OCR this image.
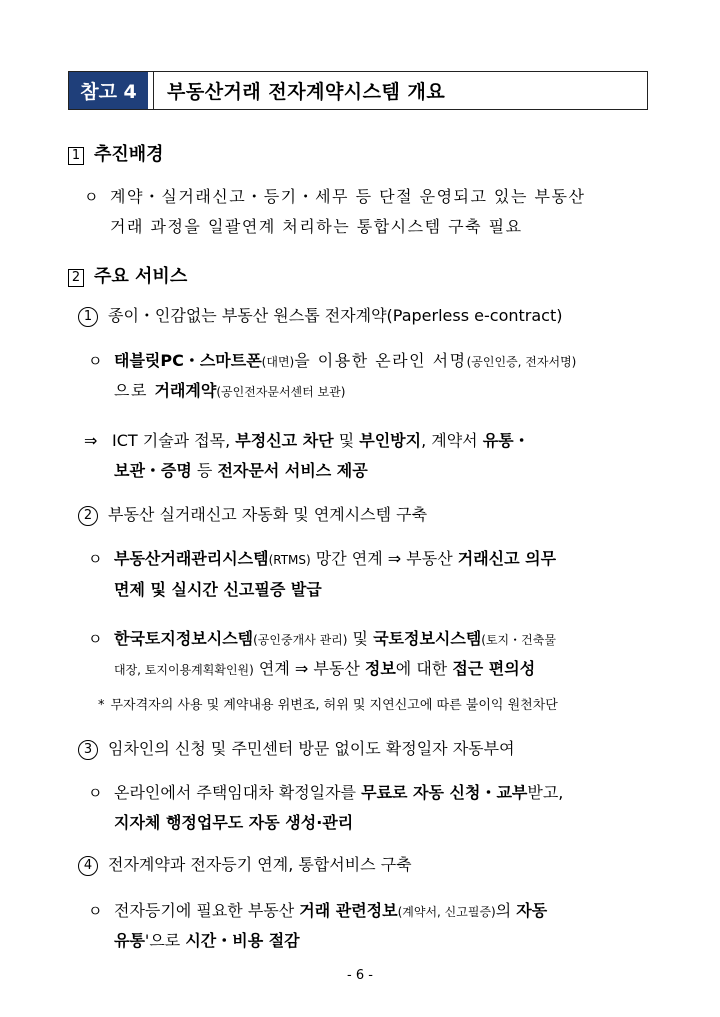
참고 4	부동산거래 전자계약시스템 개요
1 추진배경
ㅇ 계약・실거래신고・등기・세무 등 단절 운영되고 있는 부동산
거래 과정을 일괄연계 처리하는 통합시스템 구축 필요
2 주요 서비스
1 종이・인감없는 부동산 원스톱 전자계약(Paperless e-contract)
ㅇ 태블릿PC・스마트폰(대면)을 이용한 온라인 서명(공인인증, 전자서명)
으로 거래계약(공인전자문서센터 보관)
⇒ ICT 기술과 접목, 부정신고 차단 및 부인방지, 계약서 유통・
보관・증명 등 전자문서 서비스 제공
2 부동산 실거래신고 자동화 및 연계시스템 구축
ㅇ 부동산거래관리시스템(RTMS) 망간 연계 ⇒ 부동산 거래신고 의무
면제 및 실시간 신고필증 발급
ㅇ 한국토지정보시스템(공인중개사 관리) 및 국토정보시스템(토지・건축물
대장, 토지이용계획확인원) 연계 ⇒ 부동산 정보에 대한 접근 편의성
* 무자격자의 사용 및 계약내용 위변조, 허위 및 지연신고에 따른 불이익 원천차단
3 임차인의 신청 및 주민센터 방문 없이도 확정일자 자동부여
ㅇ 온라인에서 주택임대차 확정일자를 무료로 자동 신청・교부받고,
지자체 행정업무도 자동 생성·관리
4 전자계약과 전자등기 연계, 통합서비스 구축
ㅇ 전자등기에 필요한 부동산 거래 관련정보(계약서, 신고필증)의 자동
유통'으로 시간・비용 절감
- 6 -
